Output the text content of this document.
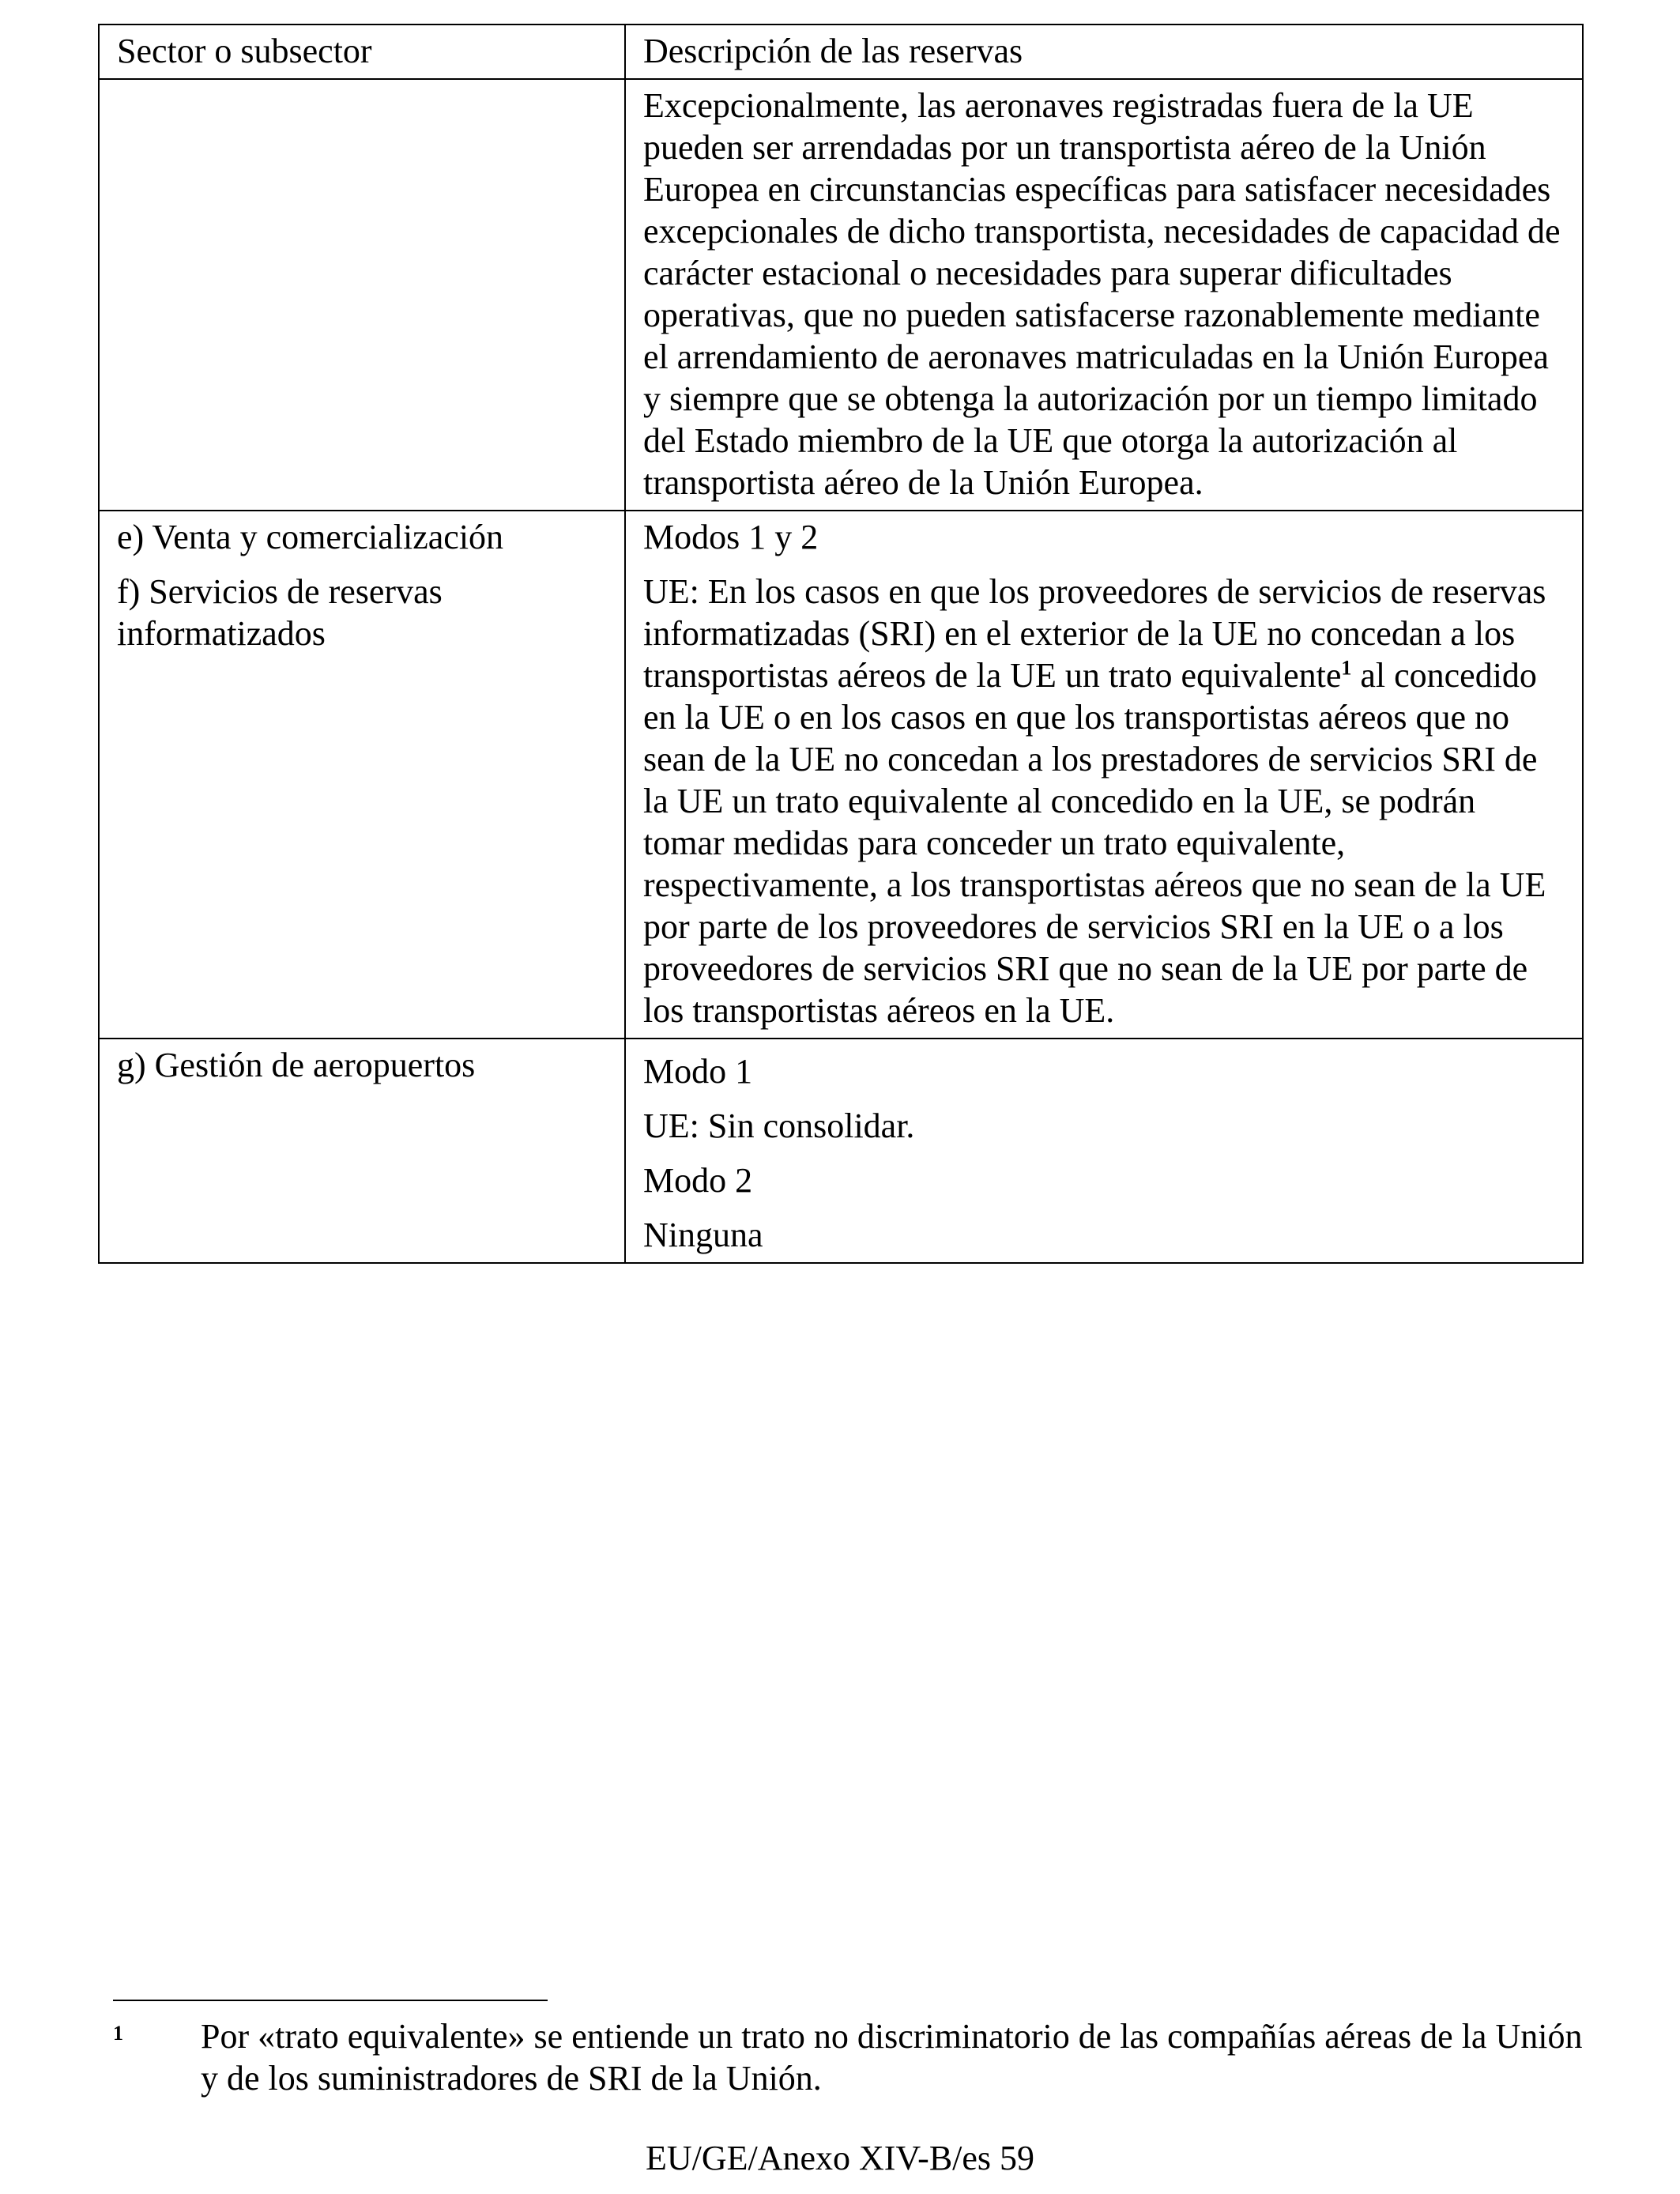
Sector o subsector	Descripción de las reservas

	Excepcionalmente, las aeronaves registradas fuera de la UE pueden ser arrendadas por un transportista aéreo de la Unión Europea en circunstancias específicas para satisfacer necesidades excepcionales de dicho transportista, necesidades de capacidad de carácter estacional o necesidades para superar dificultades operativas, que no pueden satisfacerse razonablemente mediante el arrendamiento de aeronaves matriculadas en la Unión Europea y siempre que se obtenga la autorización por un tiempo limitado del Estado miembro de la UE que otorga la autorización al transportista aéreo de la Unión Europea.

e) Venta y comercialización
f) Servicios de reservas informatizados	Modos 1 y 2
UE: En los casos en que los proveedores de servicios de reservas informatizadas (SRI) en el exterior de la UE no concedan a los transportistas aéreos de la UE un trato equivalente$^1$ al concedido en la UE o en los casos en que los transportistas aéreos que no sean de la UE no concedan a los prestadores de servicios SRI de la UE un trato equivalente al concedido en la UE, se podrán tomar medidas para conceder un trato equivalente, respectivamente, a los transportistas aéreos que no sean de la UE por parte de los proveedores de servicios SRI en la UE o a los proveedores de servicios SRI que no sean de la UE por parte de los transportistas aéreos en la UE.

g) Gestión de aeropuertos	Modo 1
UE: Sin consolidar.
Modo 2
Ninguna
1 Por «trato equivalente» se entiende un trato no discriminatorio de las compañías aéreas de la Unión y de los suministradores de SRI de la Unión.
EU/GE/Anexo XIV-B/es 59
